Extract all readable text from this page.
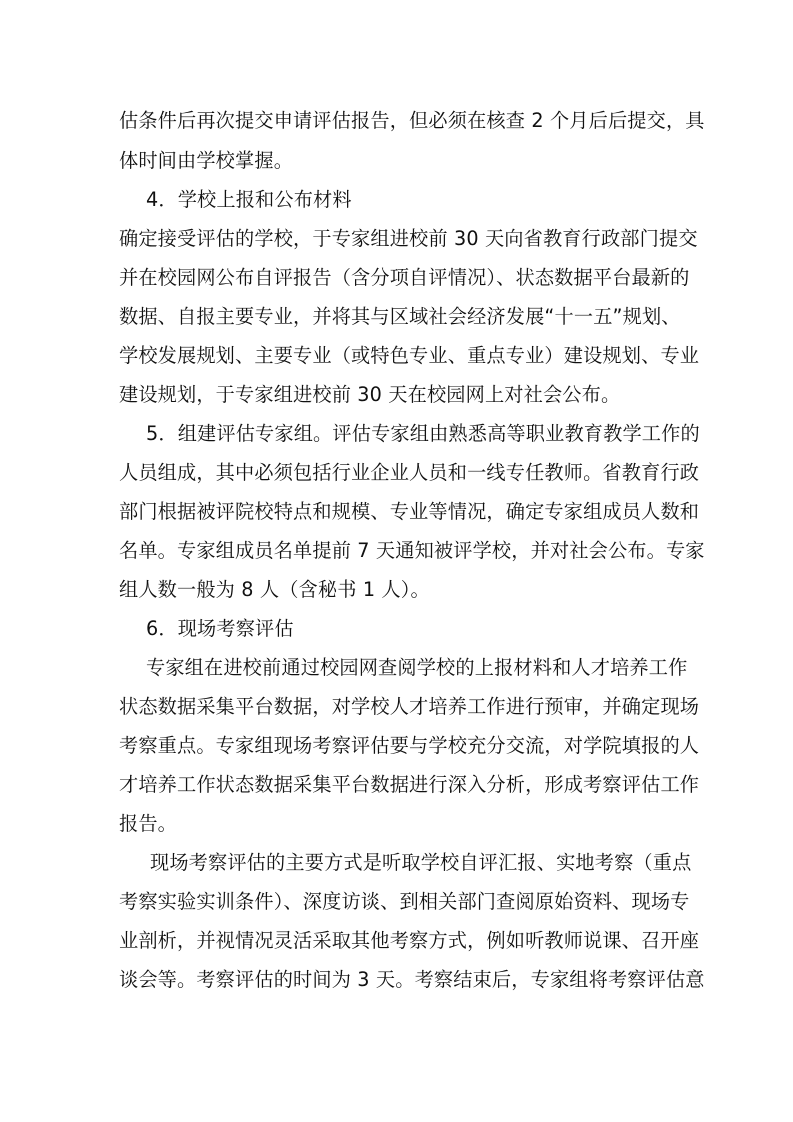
估条件后再次提交申请评估报告，但必须在核查 2 个月后后提交，具
体时间由学校掌握。
4．学校上报和公布材料
确定接受评估的学校，于专家组进校前 30 天向省教育行政部门提交
并在校园网公布自评报告（含分项自评情况）、状态数据平台最新的
数据、自报主要专业，并将其与区域社会经济发展“十一五”规划、
学校发展规划、主要专业（或特色专业、重点专业）建设规划、专业
建设规划，于专家组进校前 30 天在校园网上对社会公布。
5．组建评估专家组。评估专家组由熟悉高等职业教育教学工作的
人员组成，其中必须包括行业企业人员和一线专任教师。省教育行政
部门根据被评院校特点和规模、专业等情况，确定专家组成员人数和
名单。专家组成员名单提前 7 天通知被评学校，并对社会公布。专家
组人数一般为 8 人（含秘书 1 人）。
6．现场考察评估
专家组在进校前通过校园网查阅学校的上报材料和人才培养工作
状态数据采集平台数据，对学校人才培养工作进行预审，并确定现场
考察重点。专家组现场考察评估要与学校充分交流，对学院填报的人
才培养工作状态数据采集平台数据进行深入分析，形成考察评估工作
报告。
现场考察评估的主要方式是听取学校自评汇报、实地考察（重点
考察实验实训条件）、深度访谈、到相关部门查阅原始资料、现场专
业剖析，并视情况灵活采取其他考察方式，例如听教师说课、召开座
谈会等。考察评估的时间为 3 天。考察结束后，专家组将考察评估意
